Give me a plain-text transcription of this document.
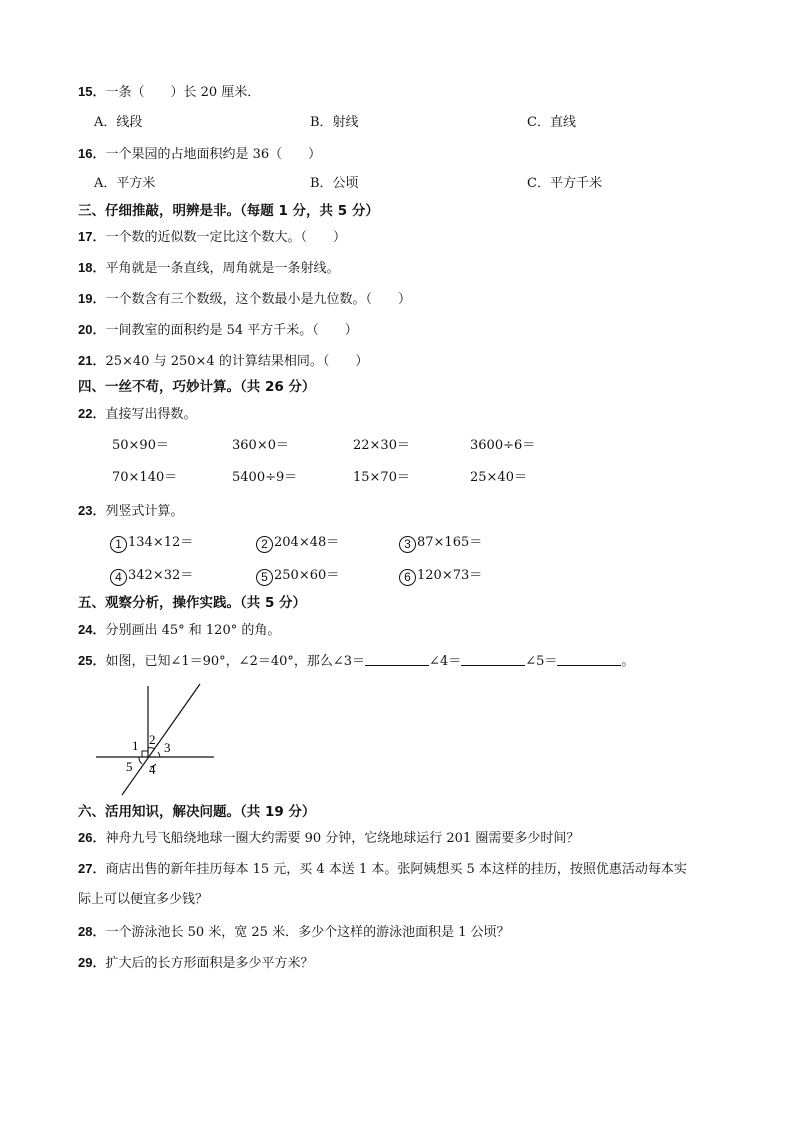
15．一条（　　）长 20 厘米．
A．线段	B．射线	C．直线
16．一个果园的占地面积约是 36（　　）
A．平方米	B．公顷	C．平方千米
三、仔细推敲，明辨是非。（每题 1 分，共 5 分）
17．一个数的近似数一定比这个数大。（　　）
18．平角就是一条直线，周角就是一条射线。
19．一个数含有三个数级，这个数最小是九位数。（　　）
20．一间教室的面积约是 54 平方千米。（　　）
21．25×40 与 250×4 的计算结果相同。（　　）
四、一丝不苟，巧妙计算。（共 26 分）
22．直接写出得数。
50×90＝	360×0＝	22×30＝	3600÷6＝
70×140＝	5400÷9＝	15×70＝	25×40＝
23．列竖式计算。
1 134×12＝	2 204×48＝	3 87×165＝
4 342×32＝	5 250×60＝	6 120×73＝
五、观察分析，操作实践。（共 5 分）
24．分别画出 45° 和 120° 的角。
25．如图，已知∠1＝90°，∠2＝40°，那么∠3＝	∠4＝	∠5＝	。
1 2
3
4
5
六、活用知识，解决问题。（共 19 分）
26．神舟九号飞船绕地球一圈大约需要 90 分钟，它绕地球运行 201 圈需要多少时间？
27．商店出售的新年挂历每本 15 元，买 4 本送 1 本。张阿姨想买 5 本这样的挂历，按照优惠活动每本实
际上可以便宜多少钱？
28．一个游泳池长 50 米，宽 25 米．多少个这样的游泳池面积是 1 公顷？
29．扩大后的长方形面积是多少平方米？
